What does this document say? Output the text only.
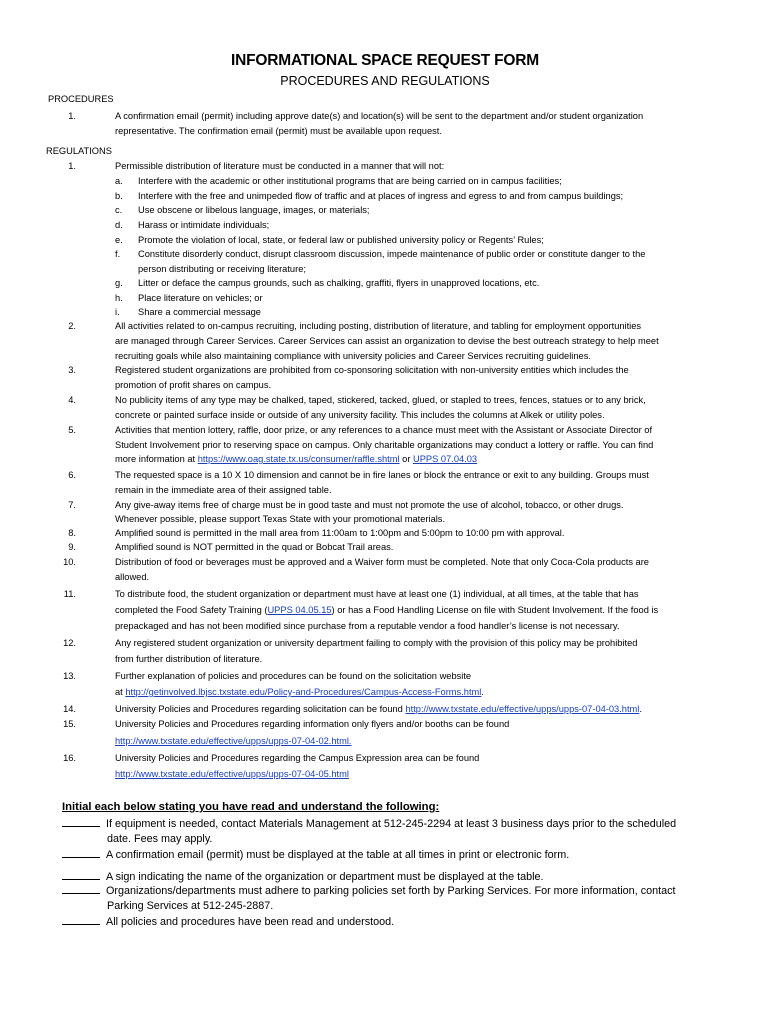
INFORMATIONAL SPACE REQUEST FORM
PROCEDURES AND REGULATIONS
PROCEDURES
1.	A confirmation email (permit) including approve date(s) and location(s) will be sent to the department and/or student organization
representative. The confirmation email (permit) must be available upon request.
REGULATIONS
1.	Permissible distribution of literature must be conducted in a manner that will not:
a. Interfere with the academic or other institutional programs that are being carried on in campus facilities;
b. Interfere with the free and unimpeded flow of traffic and at places of ingress and egress to and from campus buildings;
c. Use obscene or libelous language, images, or materials;
d. Harass or intimidate individuals;
e. Promote the violation of local, state, or federal law or published university policy or Regents’ Rules;
f. Constitute disorderly conduct, disrupt classroom discussion, impede maintenance of public order or constitute danger to the
person distributing or receiving literature;
g. Litter or deface the campus grounds, such as chalking, graffiti, flyers in unapproved locations, etc.
h. Place literature on vehicles; or
i. Share a commercial message
2.	All activities related to on-campus recruiting, including posting, distribution of literature, and tabling for employment opportunities
are managed through Career Services. Career Services can assist an organization to devise the best outreach strategy to help meet
recruiting goals while also maintaining compliance with university policies and Career Services recruiting guidelines.
3.	Registered student organizations are prohibited from co-sponsoring solicitation with non-university entities which includes the
promotion of profit shares on campus.
4.	No publicity items of any type may be chalked, taped, stickered, tacked, glued, or stapled to trees, fences, statues or to any brick,
concrete or painted surface inside or outside of any university facility. This includes the columns at Alkek or utility poles.
5.	Activities that mention lottery, raffle, door prize, or any references to a chance must meet with the Assistant or Associate Director of
Student Involvement prior to reserving space on campus. Only charitable organizations may conduct a lottery or raffle. You can find
more information at https://www.oag.state.tx.us/consumer/raffle.shtml or UPPS 07.04.03
6.	The requested space is a 10 X 10 dimension and cannot be in fire lanes or block the entrance or exit to any building. Groups must
remain in the immediate area of their assigned table.
7.	Any give-away items free of charge must be in good taste and must not promote the use of alcohol, tobacco, or other drugs.
Whenever possible, please support Texas State with your promotional materials.
8.	Amplified sound is permitted in the mall area from 11:00am to 1:00pm and 5:00pm to 10:00 pm with approval.
9.	Amplified sound is NOT permitted in the quad or Bobcat Trail areas.
10.	Distribution of food or beverages must be approved and a Waiver form must be completed. Note that only Coca-Cola products are
allowed.
11.	To distribute food, the student organization or department must have at least one (1) individual, at all times, at the table that has
completed the Food Safety Training (UPPS 04.05.15) or has a Food Handling License on file with Student Involvement. If the food is
prepackaged and has not been modified since purchase from a reputable vendor a food handler’s license is not necessary.
12.	Any registered student organization or university department failing to comply with the provision of this policy may be prohibited
from further distribution of literature.
13.	Further explanation of policies and procedures can be found on the solicitation website
at http://getinvolved.lbjsc.txstate.edu/Policy-and-Procedures/Campus-Access-Forms.html.
14.	University Policies and Procedures regarding solicitation can be found http://www.txstate.edu/effective/upps/upps-07-04-03.html.
15.	University Policies and Procedures regarding information only flyers and/or booths can be found
http://www.txstate.edu/effective/upps/upps-07-04-02.html.
16.	University Policies and Procedures regarding the Campus Expression area can be found
http://www.txstate.edu/effective/upps/upps-07-04-05.html
Initial each below stating you have read and understand the following:
If equipment is needed, contact Materials Management at 512-245-2294 at least 3 business days prior to the scheduled
date. Fees may apply.
A confirmation email (permit) must be displayed at the table at all times in print or electronic form.
A sign indicating the name of the organization or department must be displayed at the table.
Organizations/departments must adhere to parking policies set forth by Parking Services. For more information, contact
Parking Services at 512-245-2887.
All policies and procedures have been read and understood.
